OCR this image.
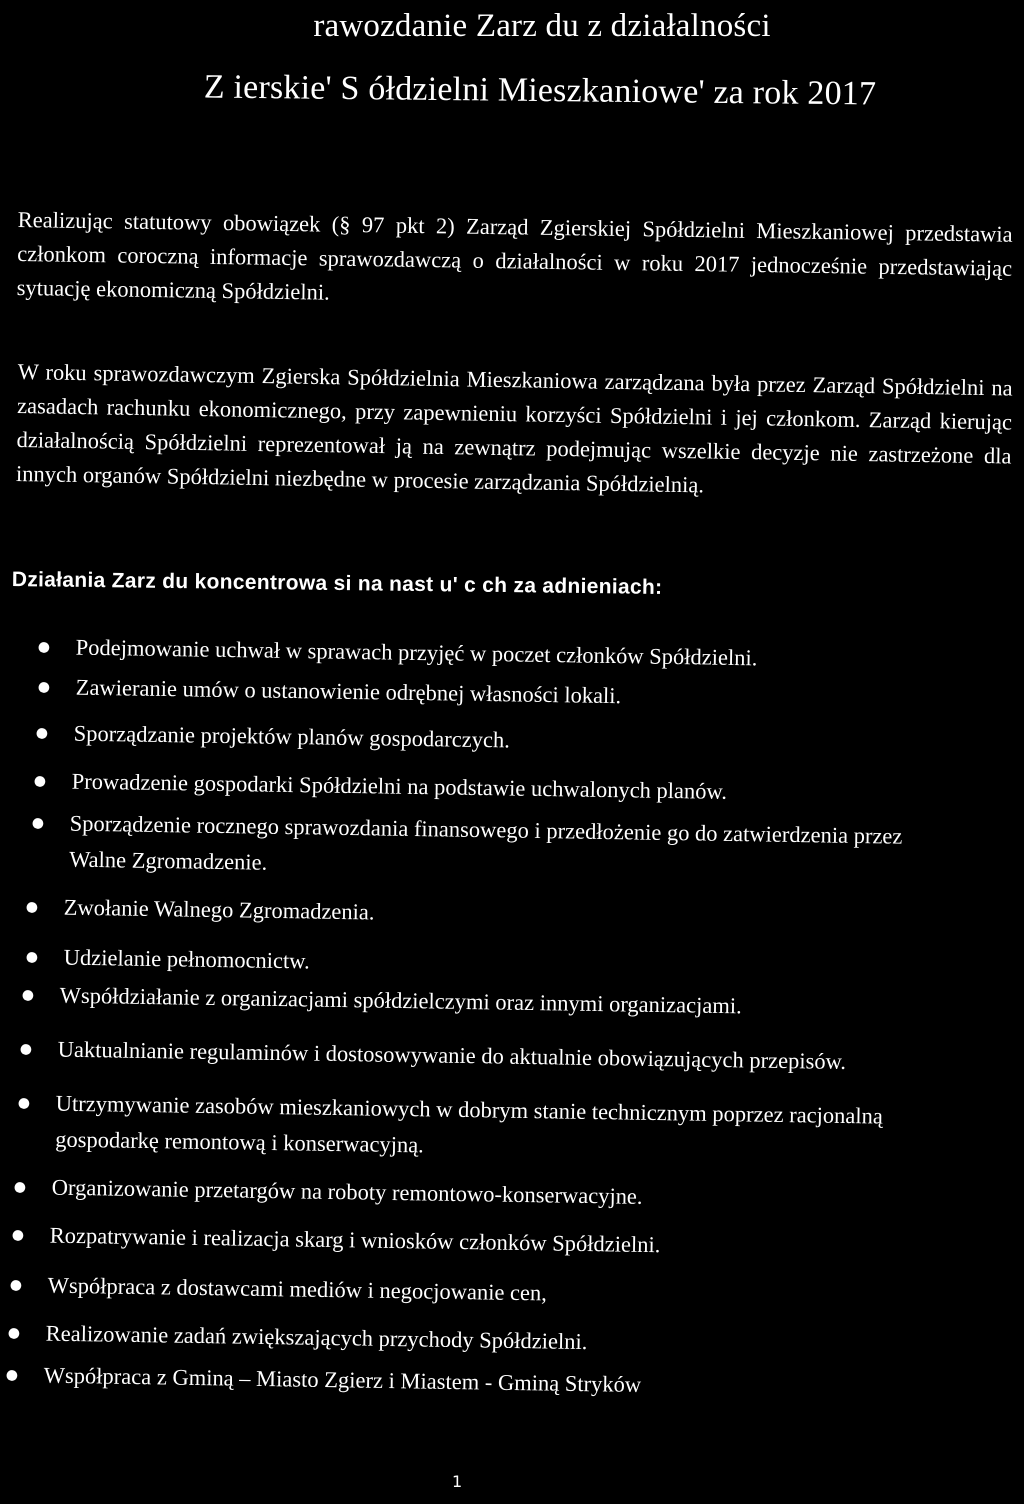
rawozdanie Zarz du z działalności
Z ierskie' S ółdzielni Mieszkaniowe' za rok 2017

Realizując statutowy obowiązek (§ 97 pkt 2) Zarząd Zgierskiej Spółdzielni Mieszkaniowej przedstawia członkom coroczną informacje sprawozdawczą o działalności w roku 2017 jednocześnie przedstawiając sytuację ekonomiczną Spółdzielni.

W roku sprawozdawczym Zgierska Spółdzielnia Mieszkaniowa zarządzana była przez Zarząd Spółdzielni na zasadach rachunku ekonomicznego, przy zapewnieniu korzyści Spółdzielni i jej członkom. Zarząd kierując działalnością Spółdzielni reprezentował ją na zewnątrz podejmując wszelkie decyzje nie zastrzeżone dla innych organów Spółdzielni niezbędne w procesie zarządzania Spółdzielnią.

Działania Zarz du koncentrowa si na nast u' c ch za adnieniach:
● Podejmowanie uchwał w sprawach przyjęć w poczet członków Spółdzielni.
● Zawieranie umów o ustanowienie odrębnej własności lokali.
● Sporządzanie projektów planów gospodarczych.
● Prowadzenie gospodarki Spółdzielni na podstawie uchwalonych planów.
● Sporządzenie rocznego sprawozdania finansowego i przedłożenie go do zatwierdzenia przez
Walne Zgromadzenie.
● Zwołanie Walnego Zgromadzenia.
● Udzielanie pełnomocnictw.
● Współdziałanie z organizacjami spółdzielczymi oraz innymi organizacjami.
● Uaktualnianie regulaminów i dostosowywanie do aktualnie obowiązujących przepisów.
● Utrzymywanie zasobów mieszkaniowych w dobrym stanie technicznym poprzez racjonalną
gospodarkę remontową i konserwacyjną.
● Organizowanie przetargów na roboty remontowo-konserwacyjne.
● Rozpatrywanie i realizacja skarg i wniosków członków Spółdzielni.
● Współpraca z dostawcami mediów i negocjowanie cen,
● Realizowanie zadań zwiększających przychody Spółdzielni.
● Współpraca z Gminą – Miasto Zgierz i Miastem - Gminą Stryków
1
